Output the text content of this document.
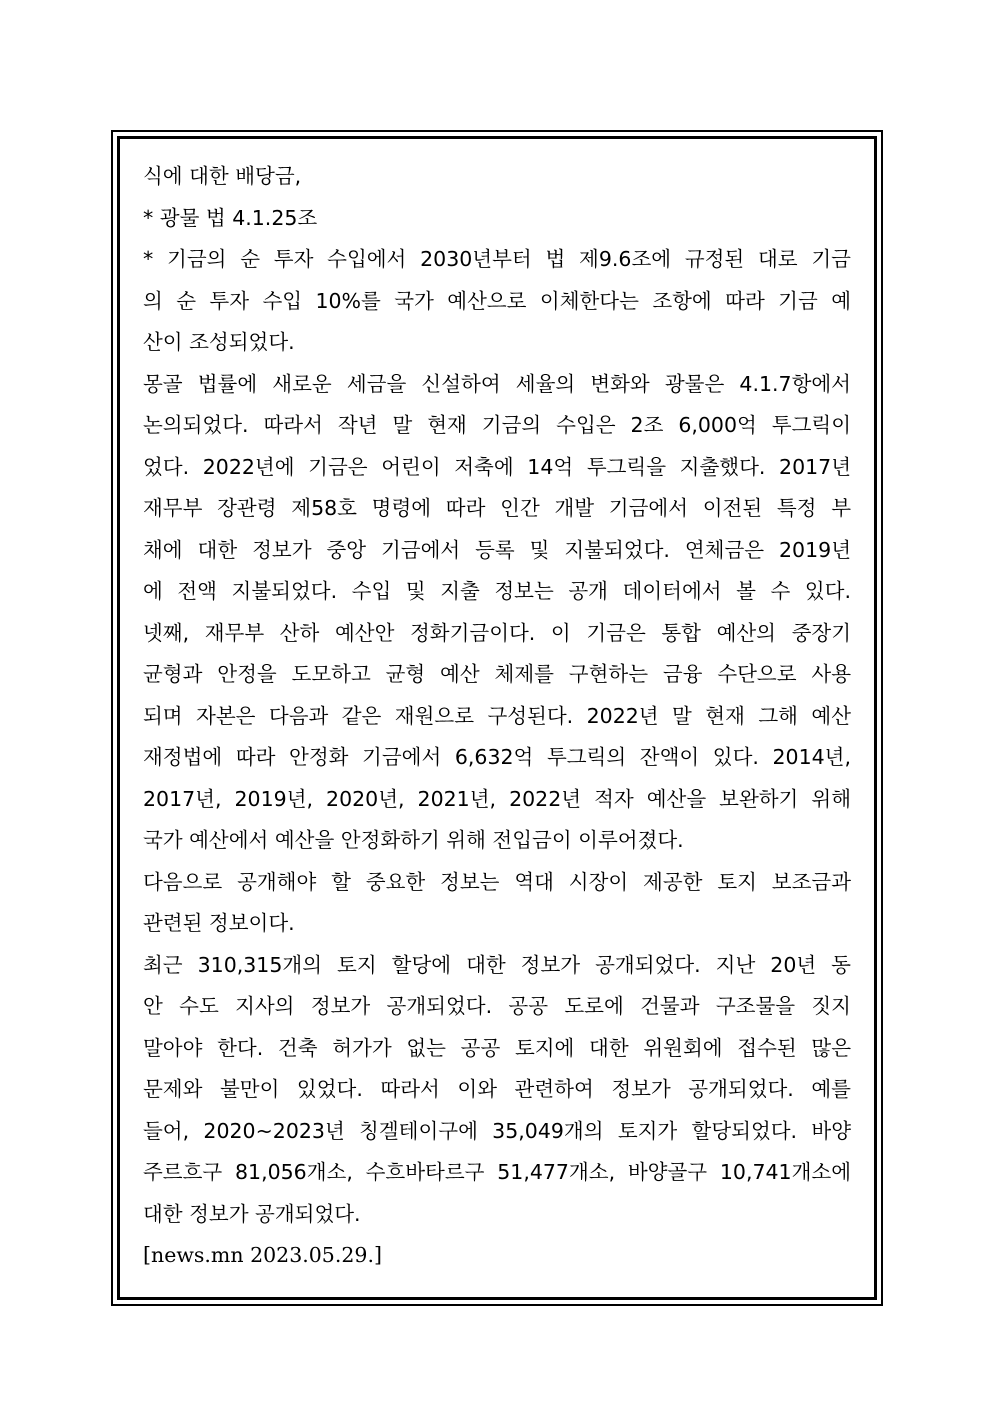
식에 대한 배당금,
* 광물 법 4.1.25조
* 기금의 순 투자 수입에서 2030년부터 법 제9.6조에 규정된 대로 기금
의 순 투자 수입 10%를 국가 예산으로 이체한다는 조항에 따라 기금 예
산이 조성되었다.
몽골 법률에 새로운 세금을 신설하여 세율의 변화와 광물은 4.1.7항에서
논의되었다. 따라서 작년 말 현재 기금의 수입은 2조 6,000억 투그릭이
었다. 2022년에 기금은 어린이 저축에 14억 투그릭을 지출했다. 2017년
재무부 장관령 제58호 명령에 따라 인간 개발 기금에서 이전된 특정 부
채에 대한 정보가 중앙 기금에서 등록 및 지불되었다. 연체금은 2019년
에 전액 지불되었다. 수입 및 지출 정보는 공개 데이터에서 볼 수 있다.
넷째, 재무부 산하 예산안 정화기금이다. 이 기금은 통합 예산의 중장기
균형과 안정을 도모하고 균형 예산 체제를 구현하는 금융 수단으로 사용
되며 자본은 다음과 같은 재원으로 구성된다. 2022년 말 현재 그해 예산
재정법에 따라 안정화 기금에서 6,632억 투그릭의 잔액이 있다. 2014년,
2017년, 2019년, 2020년, 2021년, 2022년 적자 예산을 보완하기 위해
국가 예산에서 예산을 안정화하기 위해 전입금이 이루어졌다.
다음으로 공개해야 할 중요한 정보는 역대 시장이 제공한 토지 보조금과
관련된 정보이다.
최근 310,315개의 토지 할당에 대한 정보가 공개되었다. 지난 20년 동
안 수도 지사의 정보가 공개되었다. 공공 도로에 건물과 구조물을 짓지
말아야 한다. 건축 허가가 없는 공공 토지에 대한 위원회에 접수된 많은
문제와 불만이 있었다. 따라서 이와 관련하여 정보가 공개되었다. 예를
들어, 2020~2023년 칭겔테이구에 35,049개의 토지가 할당되었다. 바양
주르흐구 81,056개소, 수흐바타르구 51,477개소, 바양골구 10,741개소에
대한 정보가 공개되었다.
[news.mn 2023.05.29.]
